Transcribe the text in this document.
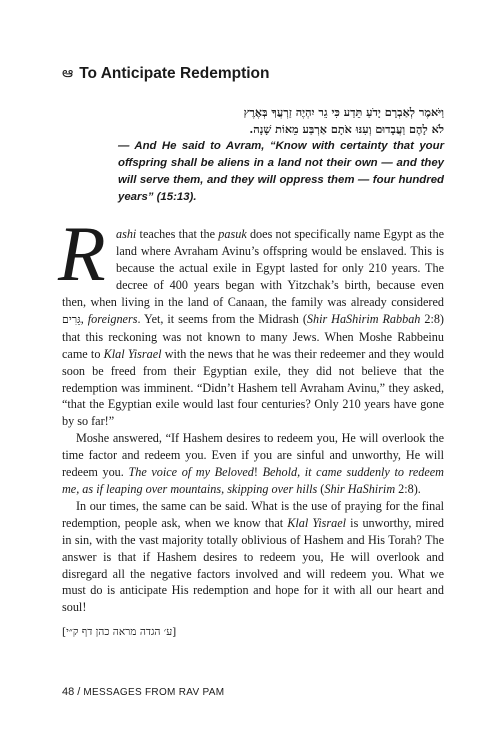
ఆ To Anticipate Redemption

וַיֹּאמֶר לְאַבְרָם יָדֹעַ תֵּדַע כִּי גֵר יִהְיֶה זַרְעֲךָ בְּאֶרֶץ

לֹא לָהֶם וַעֲבָדוּם וְעִנּוּ אֹתָם אַרְבַּע מֵאוֹת שָׁנָה.

— And He said to Avram, “Know with certainty that your offspring shall be aliens in a land not their own — and they will serve them, and they will oppress them — four hundred years” (15:13).

Rashi teaches that the pasuk does not specifically name Egypt as the land where Avraham Avinu’s offspring would be enslaved. This is because the actual exile in Egypt lasted for only 210 years. The decree of 400 years began with Yitzchak’s birth, because even then, when living in the land of Canaan, the family was already considered גֵּרִים, foreigners. Yet, it seems from the Midrash (Shir HaShirim Rabbah 2:8) that this reckoning was not known to many Jews. When Moshe Rabbeinu came to Klal Yisrael with the news that he was their redeemer and they would soon be freed from their Egyptian exile, they did not believe that the redemption was imminent. “Didn’t Hashem tell Avraham Avinu,” they asked, “that the Egyptian exile would last four centuries? Only 210 years have gone by so far!”

Moshe answered, “If Hashem desires to redeem you, He will overlook the time factor and redeem you. Even if you are sinful and unworthy, He will redeem you. The voice of my Beloved! Behold, it came suddenly to redeem me, as if leaping over mountains, skipping over hills (Shir HaShirim 2:8).

In our times, the same can be said. What is the use of praying for the final redemption, people ask, when we know that Klal Yisrael is unworthy, mired in sin, with the vast majority totally oblivious of Hashem and His Torah? The answer is that if Hashem desires to redeem you, He will overlook and disregard all the negative factors involved and will redeem you. What we must do is anticipate His redemption and hope for it with all our heart and soul!

[ע׳ הגדה מראה כהן דף ק״י]
48 / MESSAGES FROM RAV PAM
